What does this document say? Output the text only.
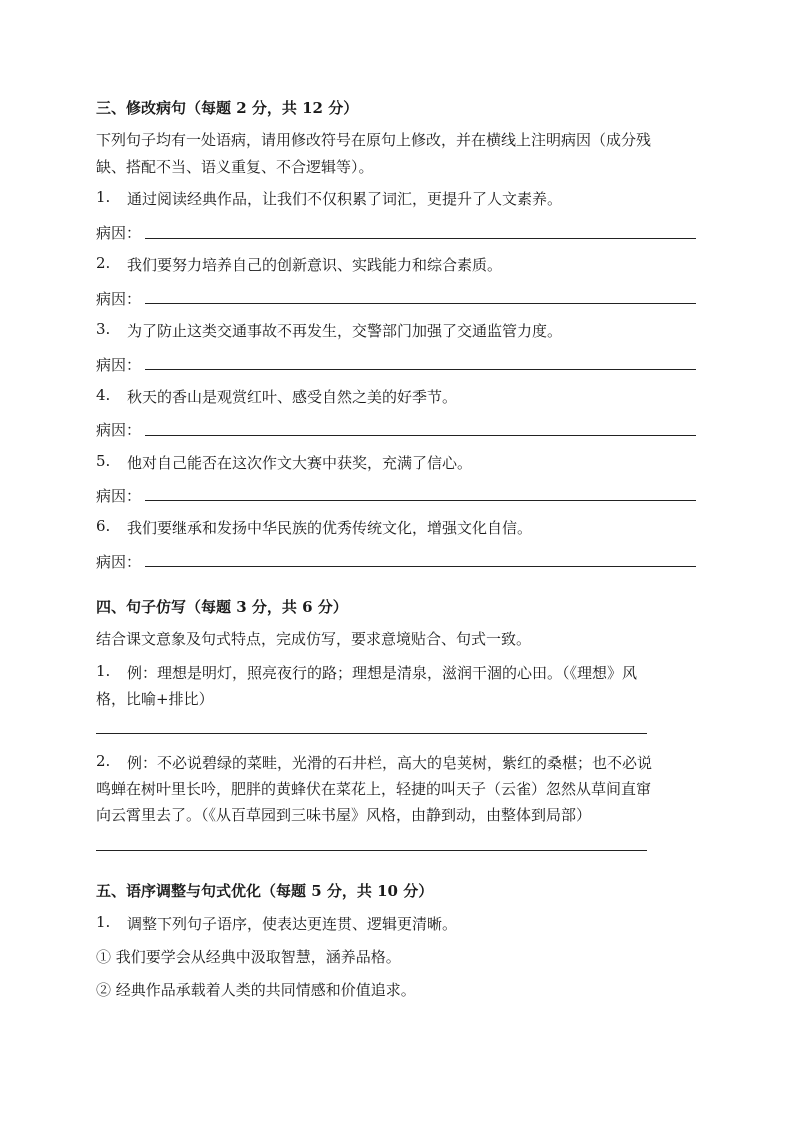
三、修改病句（每题 2 分，共 12 分）
下列句子均有一处语病，请用修改符号在原句上修改，并在横线上注明病因（成分残
缺、搭配不当、语义重复、不合逻辑等）。
1. 通过阅读经典作品，让我们不仅积累了词汇，更提升了人文素养。
病因：
2. 我们要努力培养自己的创新意识、实践能力和综合素质。
病因：
3. 为了防止这类交通事故不再发生，交警部门加强了交通监管力度。
病因：
4. 秋天的香山是观赏红叶、感受自然之美的好季节。
病因：
5. 他对自己能否在这次作文大赛中获奖，充满了信心。
病因：
6. 我们要继承和发扬中华民族的优秀传统文化，增强文化自信。
病因：
四、句子仿写（每题 3 分，共 6 分）
结合课文意象及句式特点，完成仿写，要求意境贴合、句式一致。
1. 例：理想是明灯，照亮夜行的路；理想是清泉，滋润干涸的心田。（《理想》风
格，比喻+排比）
2. 例：不必说碧绿的菜畦，光滑的石井栏，高大的皂荚树，紫红的桑椹；也不必说
鸣蝉在树叶里长吟，肥胖的黄蜂伏在菜花上，轻捷的叫天子（云雀）忽然从草间直窜
向云霄里去了。（《从百草园到三味书屋》风格，由静到动，由整体到局部）
五、语序调整与句式优化（每题 5 分，共 10 分）
1. 调整下列句子语序，使表达更连贯、逻辑更清晰。
① 我们要学会从经典中汲取智慧，涵养品格。
② 经典作品承载着人类的共同情感和价值追求。
